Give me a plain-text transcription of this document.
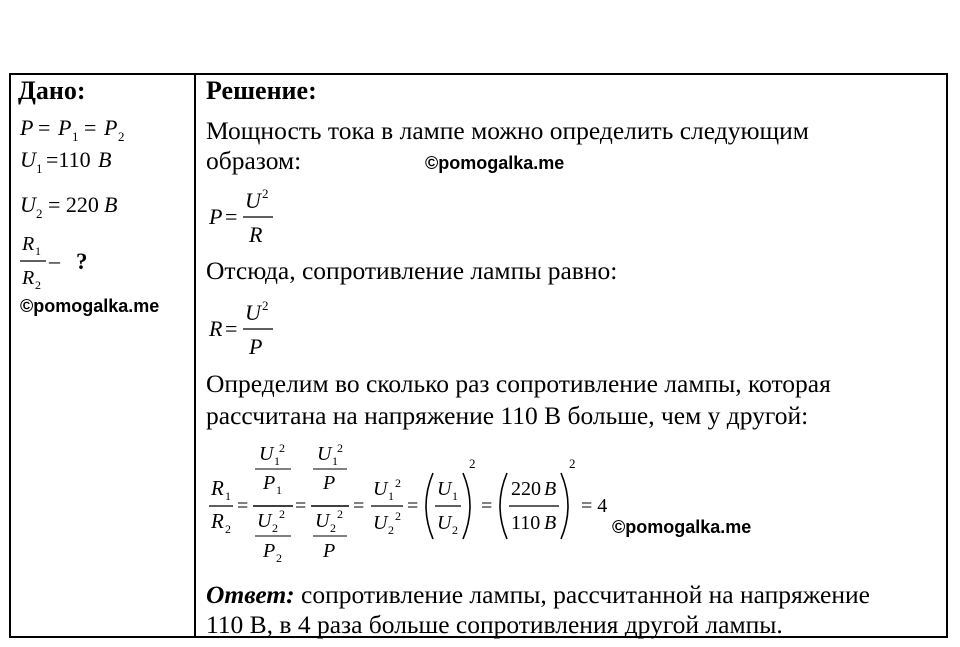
Дано:
P = P 1 = P 2
U 1 =110 B
U 2 = 220 B
R 1
R 2
– ?
©pomogalka.me
Решение:
Мощность тока в лампе можно определить следующим
образом:	©pomogalka.me
P =
U 2
R
Отсюда, сопротивление лампы равно:
R =
U 2
P
Определим во сколько раз сопротивление лампы, которая
рассчитана на напряжение 110 В больше, чем у другой:
R 1
R 2
=
U 1
2
P 1
U 2
2
P 2
=
U 1
2
P
U 2
2
P
=
U 1
2
U 2
2 =
U 1
U 2
2
=
220 B
110 B
2
= 4
©pomogalka.me
Ответ: сопротивление лампы, рассчитанной на напряжение
110 В, в 4 раза больше сопротивления другой лампы.
